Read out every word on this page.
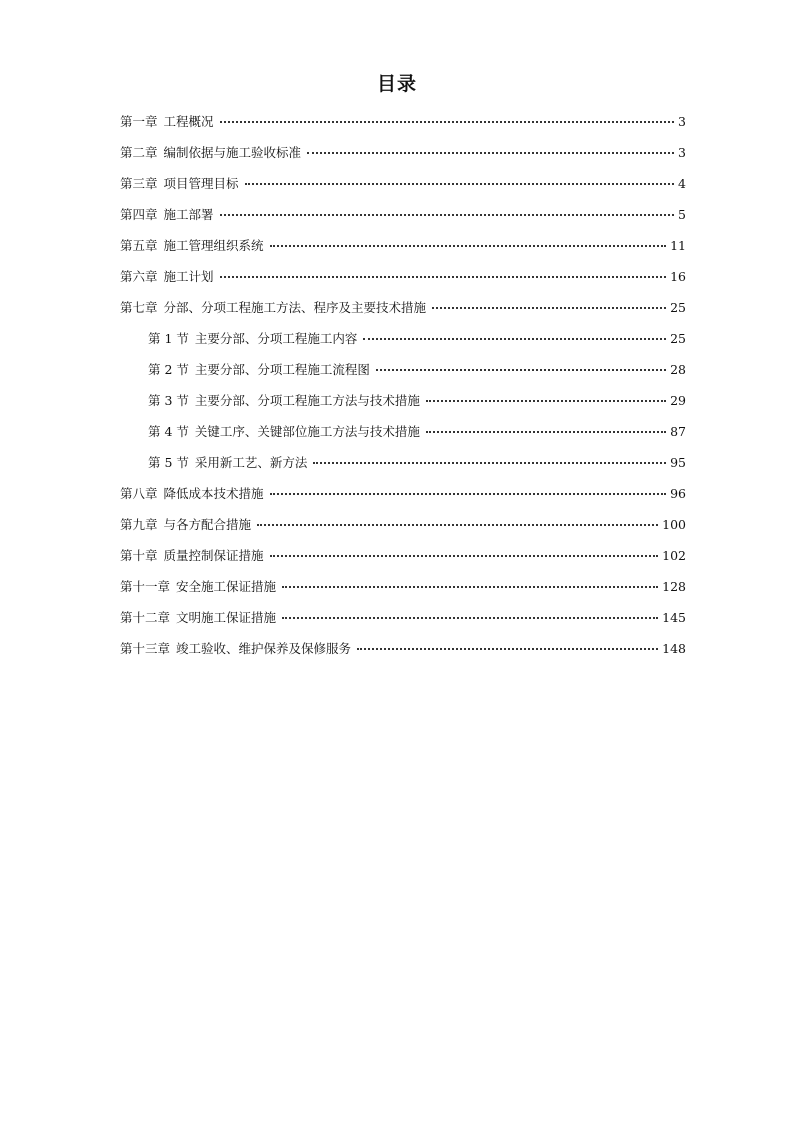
目录
第一章 工程概况	3
第二章 编制依据与施工验收标准	3
第三章 项目管理目标	4
第四章 施工部署	5
第五章 施工管理组织系统	11
第六章 施工计划	16
第七章 分部、分项工程施工方法、程序及主要技术措施	25
第 1 节 主要分部、分项工程施工内容	25
第 2 节 主要分部、分项工程施工流程图	28
第 3 节 主要分部、分项工程施工方法与技术措施	29
第 4 节 关键工序、关键部位施工方法与技术措施	87
第 5 节 采用新工艺、新方法	95
第八章 降低成本技术措施	96
第九章 与各方配合措施	100
第十章 质量控制保证措施	102
第十一章 安全施工保证措施	128
第十二章 文明施工保证措施	145
第十三章 竣工验收、维护保养及保修服务	148
